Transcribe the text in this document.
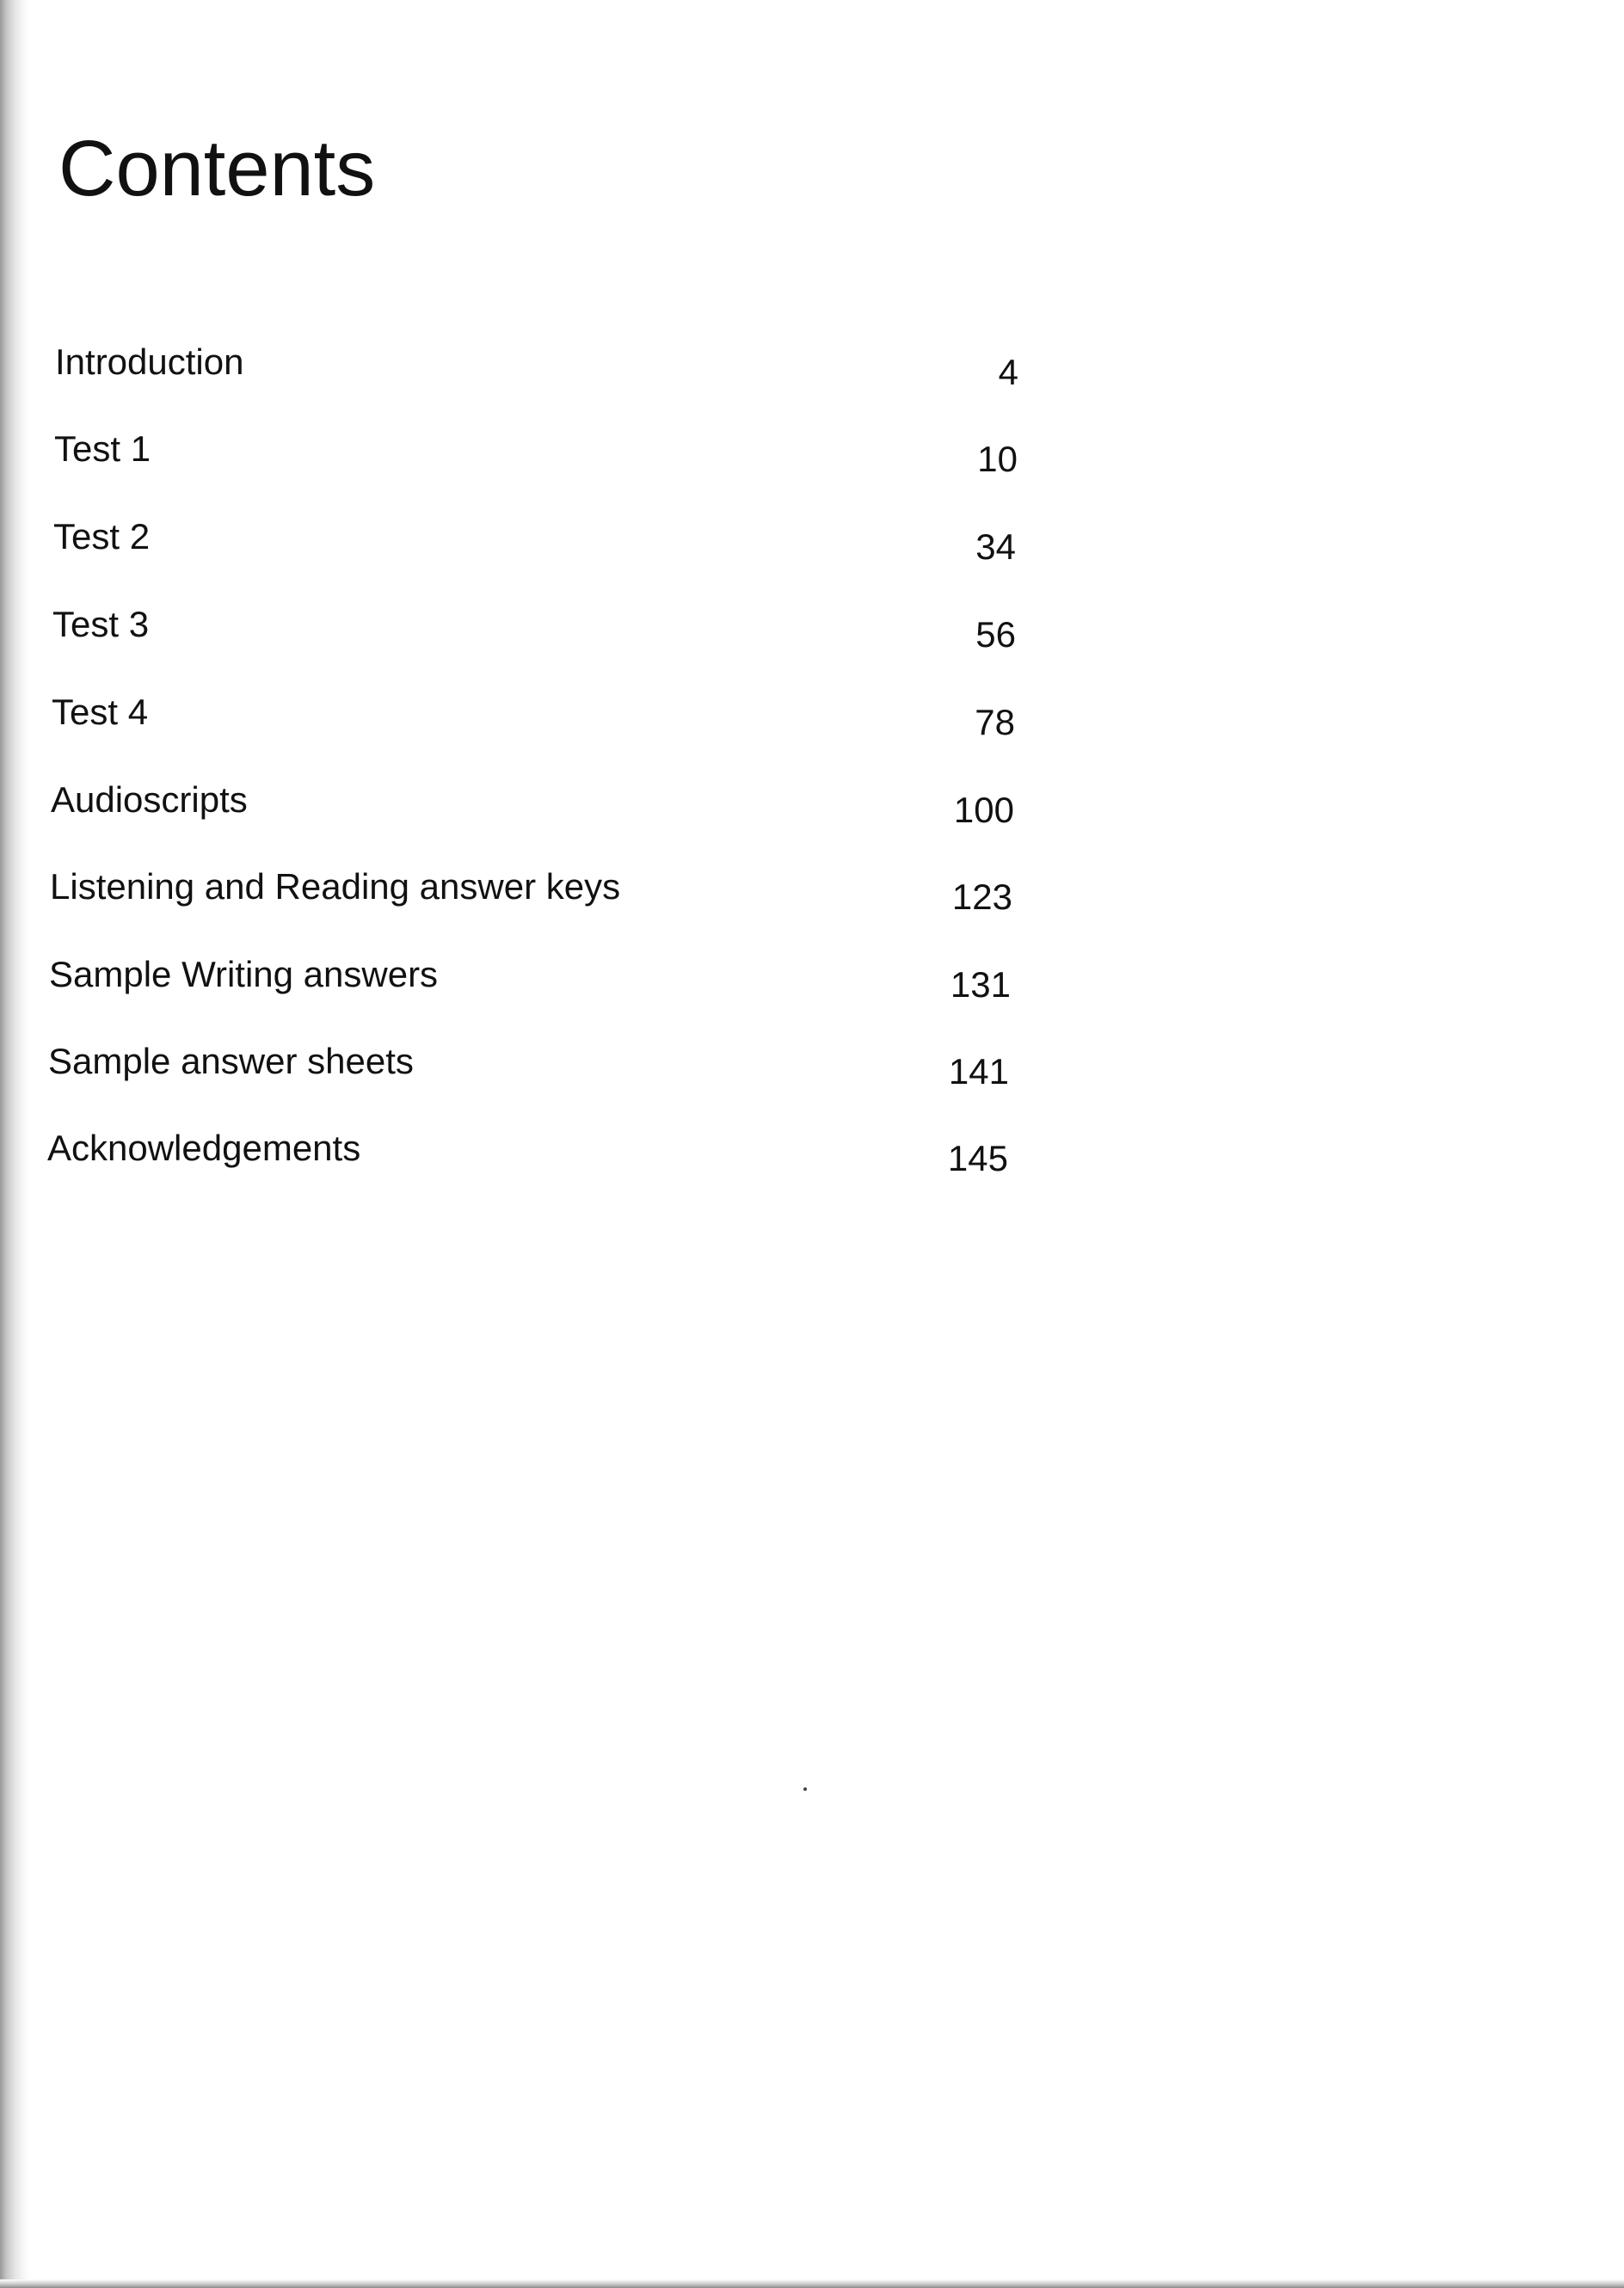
Contents
Introduction	4
Test 1	10
Test 2	34
Test 3	56
Test 4	78
Audioscripts	100
Listening and Reading answer keys	123
Sample Writing answers	131
Sample answer sheets	141
Acknowledgements	145
